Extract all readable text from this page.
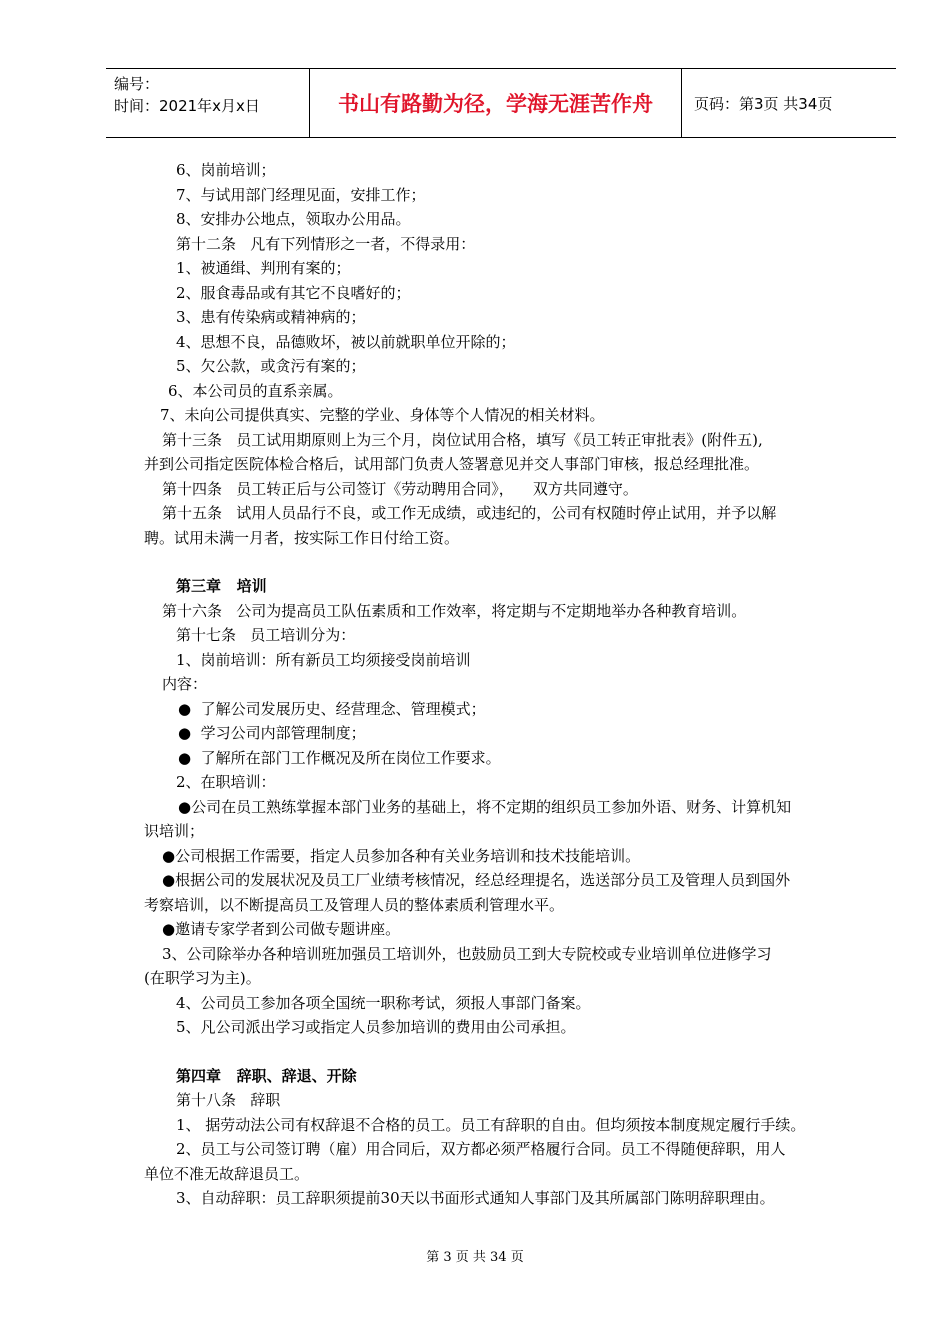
编号：
时间：2021年x月x日	书山有路勤为径，学海无涯苦作舟	页码：第3页 共34页
6、岗前培训；
7、与试用部门经理见面，安排工作；
8、安排办公地点，领取办公用品。
第十二条   凡有下列情形之一者，不得录用：
1、被通缉、判刑有案的；
2、服食毒品或有其它不良嗜好的；
3、患有传染病或精神病的；
4、思想不良，品德败坏，被以前就职单位开除的；
5、欠公款，或贪污有案的；
6、本公司员的直系亲属。
7、未向公司提供真实、完整的学业、身体等个人情况的相关材料。
第十三条   员工试用期原则上为三个月，岗位试用合格，填写《员工转正审批表》(附件五),
并到公司指定医院体检合格后，试用部门负责人签署意见并交人事部门审核，报总经理批准。
第十四条   员工转正后与公司签订《劳动聘用合同》，    双方共同遵守。
第十五条   试用人员品行不良，或工作无成绩，或违纪的，公司有权随时停止试用，并予以解
聘。试用未满一月者，按实际工作日付给工资。
第三章   培训
第十六条   公司为提高员工队伍素质和工作效率，将定期与不定期地举办各种教育培训。
第十七条   员工培训分为：
1、岗前培训：所有新员工均须接受岗前培训
内容：
●  了解公司发展历史、经营理念、管理模式；
●  学习公司内部管理制度；
●  了解所在部门工作概况及所在岗位工作要求。
2、在职培训：
●公司在员工熟练掌握本部门业务的基础上，将不定期的组织员工参加外语、财务、计算机知
识培训；
●公司根据工作需要，指定人员参加各种有关业务培训和技术技能培训。
●根据公司的发展状况及员工厂业绩考核情况，经总经理提名，选送部分员工及管理人员到国外
考察培训，以不断提高员工及管理人员的整体素质利管理水平。
●邀请专家学者到公司做专题讲座。
3、公司除举办各种培训班加强员工培训外，也鼓励员工到大专院校或专业培训单位进修学习
(在职学习为主)。
4、公司员工参加各项全国统一职称考试，须报人事部门备案。
5、凡公司派出学习或指定人员参加培训的费用由公司承担。
第四章   辞职、辞退、开除
第十八条   辞职
1、 据劳动法公司有权辞退不合格的员工。员工有辞职的自由。但均须按本制度规定履行手续。
2、员工与公司签订聘（雇）用合同后，双方都必须严格履行合同。员工不得随便辞职，用人
单位不准无故辞退员工。
3、自动辞职：员工辞职须提前30天以书面形式通知人事部门及其所属部门陈明辞职理由。
第 3 页 共 34 页
